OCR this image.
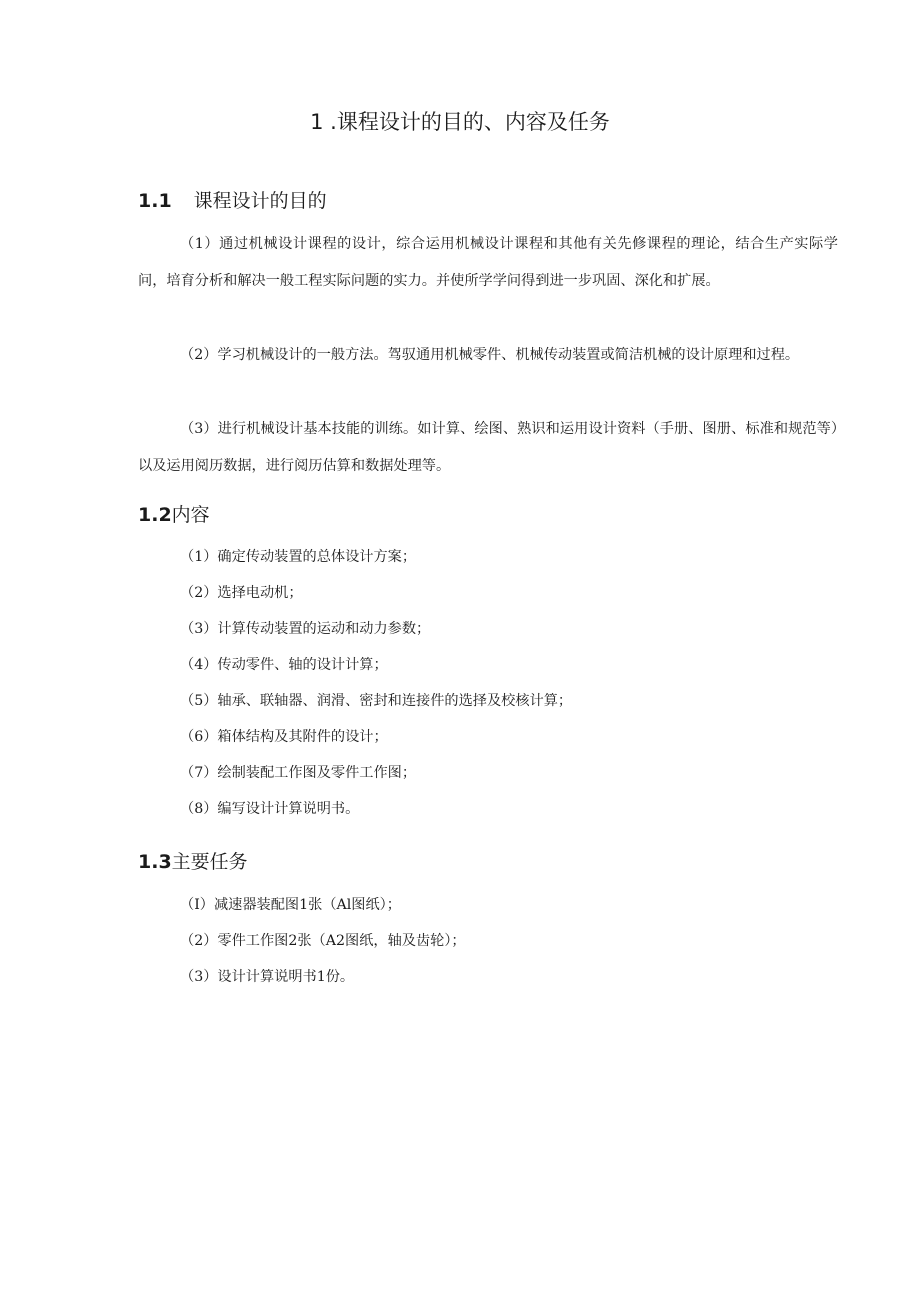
1 .课程设计的目的、内容及任务
1.1 课程设计的目的
（1）通过机械设计课程的设计，综合运用机械设计课程和其他有关先修课程的理论，结合生产实际学问，培育分析和解决一般工程实际问题的实力。并使所学学问得到进一步巩固、深化和扩展。
（2）学习机械设计的一般方法。驾驭通用机械零件、机械传动装置或简洁机械的设计原理和过程。
（3）进行机械设计基本技能的训练。如计算、绘图、熟识和运用设计资料（手册、图册、标准和规范等）以及运用阅历数据，进行阅历估算和数据处理等。
1.2内容
（1）确定传动装置的总体设计方案；
（2）选择电动机；
（3）计算传动装置的运动和动力参数；
（4）传动零件、轴的设计计算；
（5）轴承、联轴器、润滑、密封和连接件的选择及校核计算；
（6）箱体结构及其附件的设计；
（7）绘制装配工作图及零件工作图；
（8）编写设计计算说明书。
1.3主要任务
（I）减速器装配图1张（Al图纸）；
（2）零件工作图2张（A2图纸，轴及齿轮）；
（3）设计计算说明书1份。
